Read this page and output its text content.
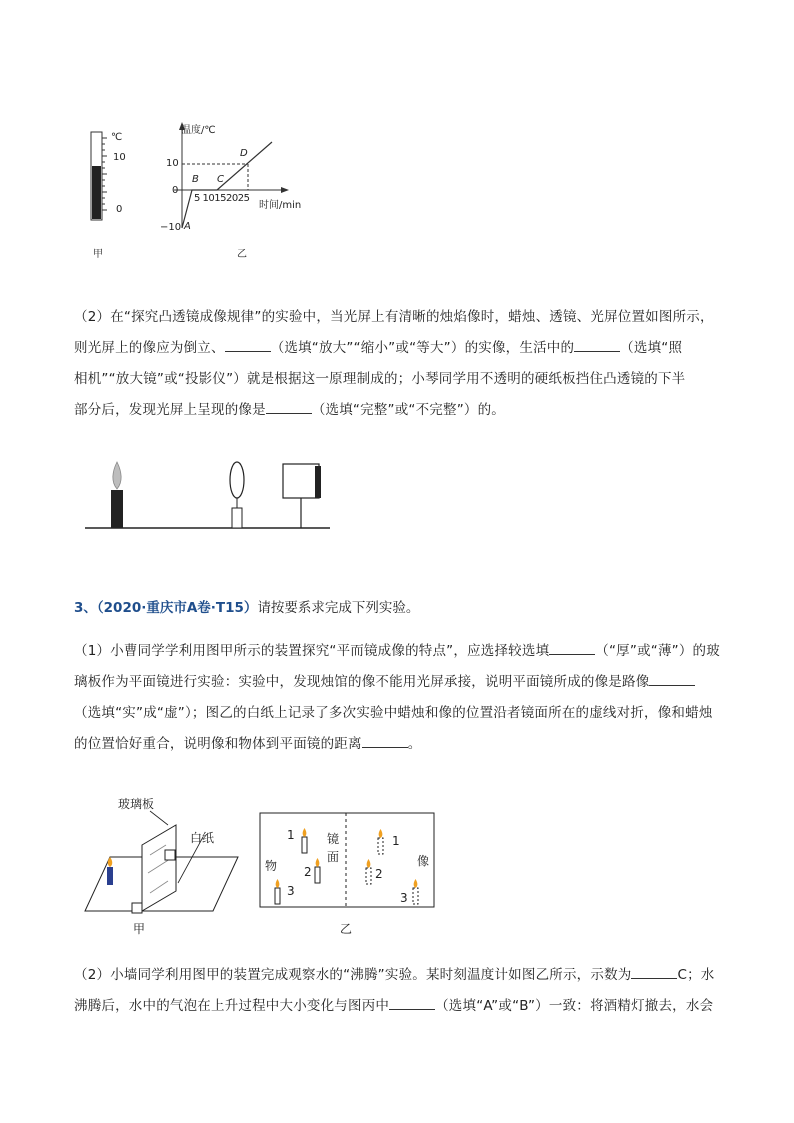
℃
10
0
甲
温度/℃
10
0
−10
5 10152025
时间/min
A
B C
D
乙
（2）在“探究凸透镜成像规律”的实验中，当光屏上有清晰的烛焰像时，蜡烛、透镜、光屏位置如图所示，
则光屏上的像应为倒立、	（选填“放大”“缩小”或“等大”）的实像，生活中的	（选填“照
相机”“放大镜”或“投影仪”）就是根据这一原理制成的；小琴同学用不透明的硬纸板挡住凸透镜的下半
部分后，发现光屏上呈现的像是	（选填“完整”或“不完整”）的。
3、（2020·重庆市A卷·T15）请按要系求完成下列实验。
（1）小曹同学学利用图甲所示的装置探究“平而镜成像的特点”，应选择较选填	（“厚”或“薄”）的玻
璃板作为平面镜进行实验：实验中，发现烛馆的像不能用光屏承接，说明平面镜所成的像是路像
（选填“实”成“虚”）；图乙的白纸上记录了多次实验中蜡烛和像的位置沿者镜面所在的虚线对折，像和蜡烛
的位置恰好重合，说明像和物体到平面镜的距离	。
玻璃板
白纸
甲
1
2
3
1
2
3
镜面
物	像
乙
（2）小墙同学利用图甲的装置完成观察水的“沸腾”实验。某时刻温度计如图乙所示，示数为	C；水
沸腾后，水中的气泡在上升过程中大小变化与图丙中	（选填“A”或“B”）一致：将酒精灯撤去，水会
